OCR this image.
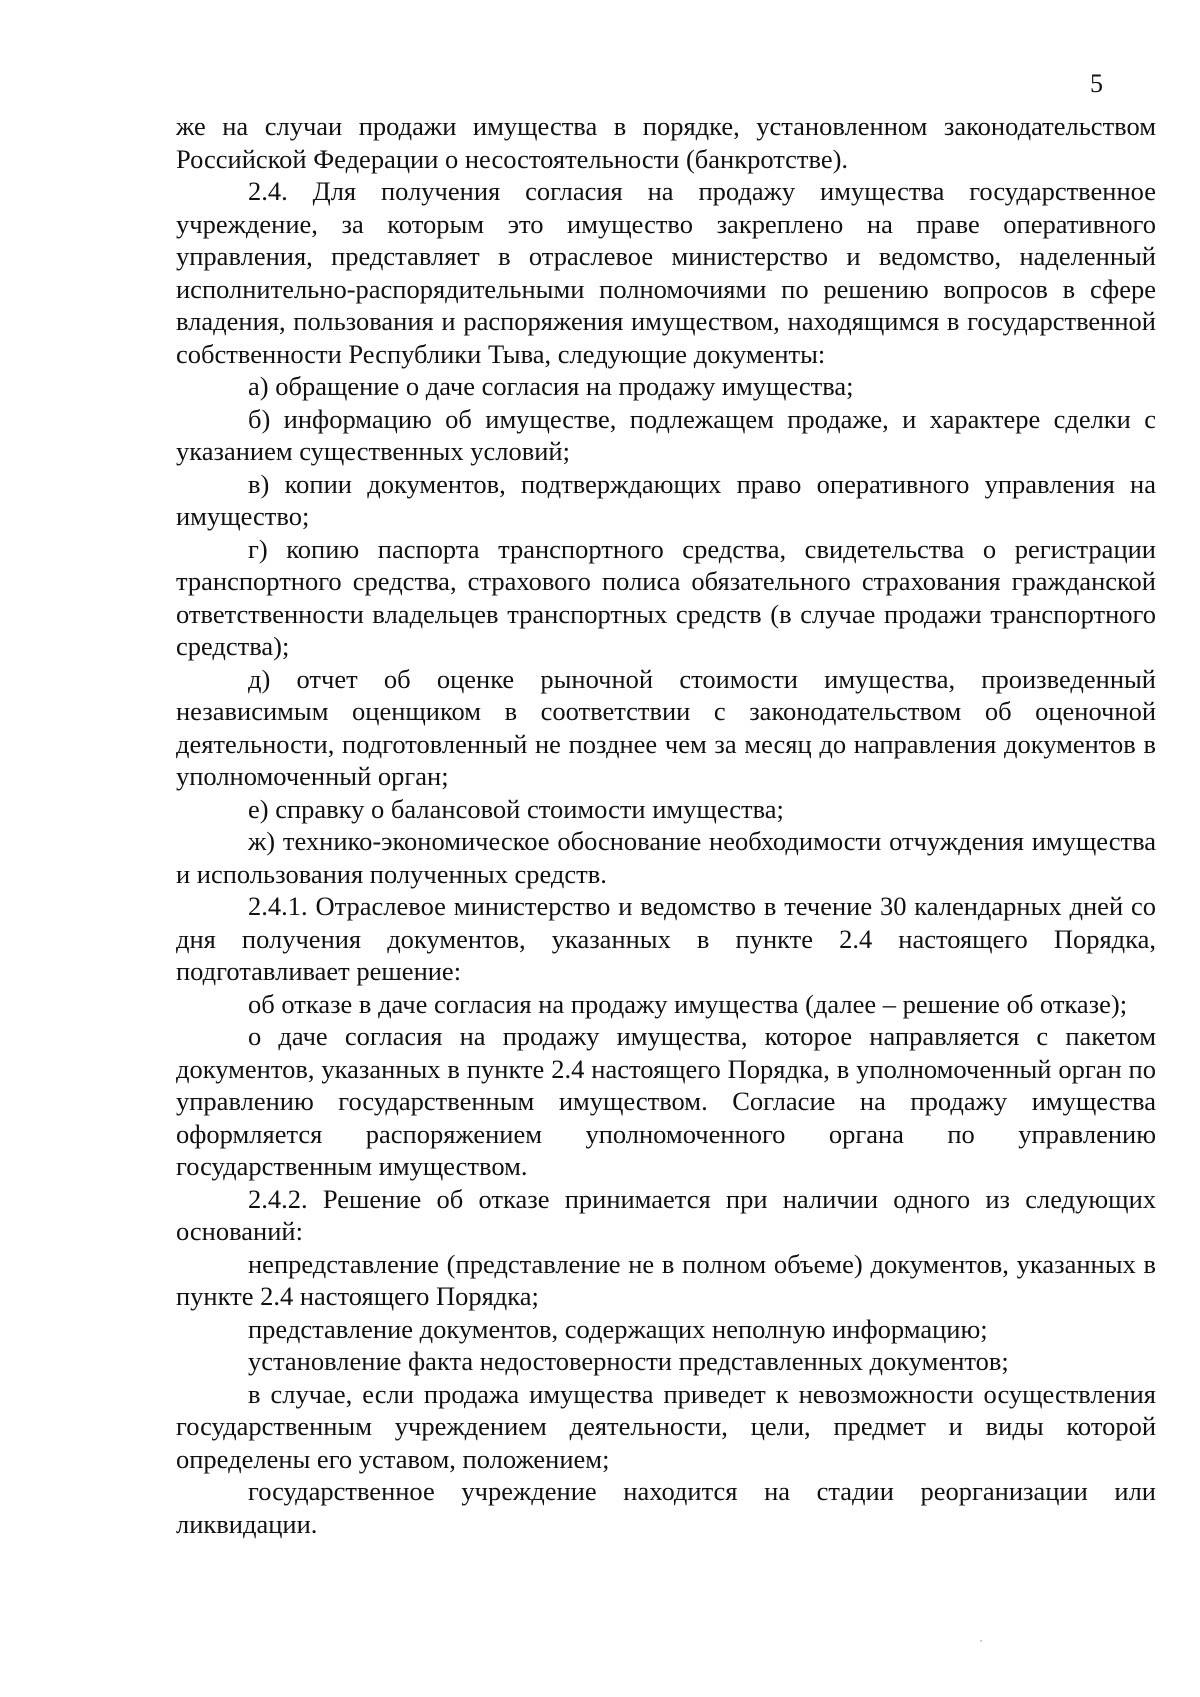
5

же на случаи продажи имущества в порядке, установленном законодательством Российской Федерации о несостоятельности (банкротстве).

2.4. Для получения согласия на продажу имущества государственное учреждение, за которым это имущество закреплено на праве оперативного управления, представляет в отраслевое министерство и ведомство, наделенный исполнительно-распорядительными полномочиями по решению вопросов в сфере владения, пользования и распоряжения имуществом, находящимся в государственной собственности Республики Тыва, следующие документы:

а) обращение о даче согласия на продажу имущества;

б) информацию об имуществе, подлежащем продаже, и характере сделки с указанием существенных условий;

в) копии документов, подтверждающих право оперативного управления на имущество;

г) копию паспорта транспортного средства, свидетельства о регистрации транспортного средства, страхового полиса обязательного страхования гражданской ответственности владельцев транспортных средств (в случае продажи транспортного средства);

д) отчет об оценке рыночной стоимости имущества, произведенный независимым оценщиком в соответствии с законодательством об оценочной деятельности, подготовленный не позднее чем за месяц до направления документов в уполномоченный орган;

е) справку о балансовой стоимости имущества;

ж) технико-экономическое обоснование необходимости отчуждения имущества и использования полученных средств.

2.4.1. Отраслевое министерство и ведомство в течение 30 календарных дней со дня получения документов, указанных в пункте 2.4 настоящего Порядка, подготавливает решение:

об отказе в даче согласия на продажу имущества (далее – решение об отказе);

о даче согласия на продажу имущества, которое направляется с пакетом документов, указанных в пункте 2.4 настоящего Порядка, в уполномоченный орган по управлению государственным имуществом. Согласие на продажу имущества оформляется распоряжением уполномоченного органа по управлению государственным имуществом.

2.4.2. Решение об отказе принимается при наличии одного из следующих оснований:

непредставление (представление не в полном объеме) документов, указанных в пункте 2.4 настоящего Порядка;

представление документов, содержащих неполную информацию;

установление факта недостоверности представленных документов;

в случае, если продажа имущества приведет к невозможности осуществления государственным учреждением деятельности, цели, предмет и виды которой определены его уставом, положением;

государственное учреждение находится на стадии реорганизации или ликвидации.
